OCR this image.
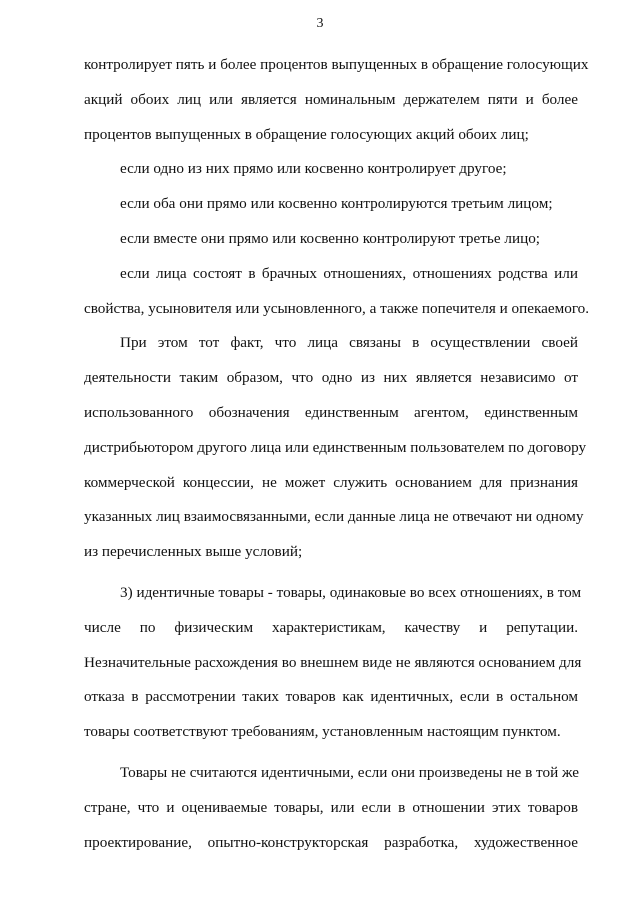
3
контролирует пять и более процентов выпущенных в обращение голосующих
акций обоих лиц или является номинальным держателем пяти и более
процентов выпущенных в обращение голосующих акций обоих лиц;
если одно из них прямо или косвенно контролирует другое;
если оба они прямо или косвенно контролируются третьим лицом;
если вместе они прямо или косвенно контролируют третье лицо;
если лица состоят в брачных отношениях, отношениях родства или
свойства, усыновителя или усыновленного, а также попечителя и опекаемого.
При этом тот факт, что лица связаны в осуществлении своей
деятельности таким образом, что одно из них является независимо от
использованного обозначения единственным агентом, единственным
дистрибьютором другого лица или единственным пользователем по договору
коммерческой концессии, не может служить основанием для признания
указанных лиц взаимосвязанными, если данные лица не отвечают ни одному
из перечисленных выше условий;
3) идентичные товары - товары, одинаковые во всех отношениях, в том
числе по физическим характеристикам, качеству и репутации.
Незначительные расхождения во внешнем виде не являются основанием для
отказа в рассмотрении таких товаров как идентичных, если в остальном
товары соответствуют требованиям, установленным настоящим пунктом.
Товары не считаются идентичными, если они произведены не в той же
стране, что и оцениваемые товары, или если в отношении этих товаров
проектирование, опытно-конструкторская разработка, художественное
